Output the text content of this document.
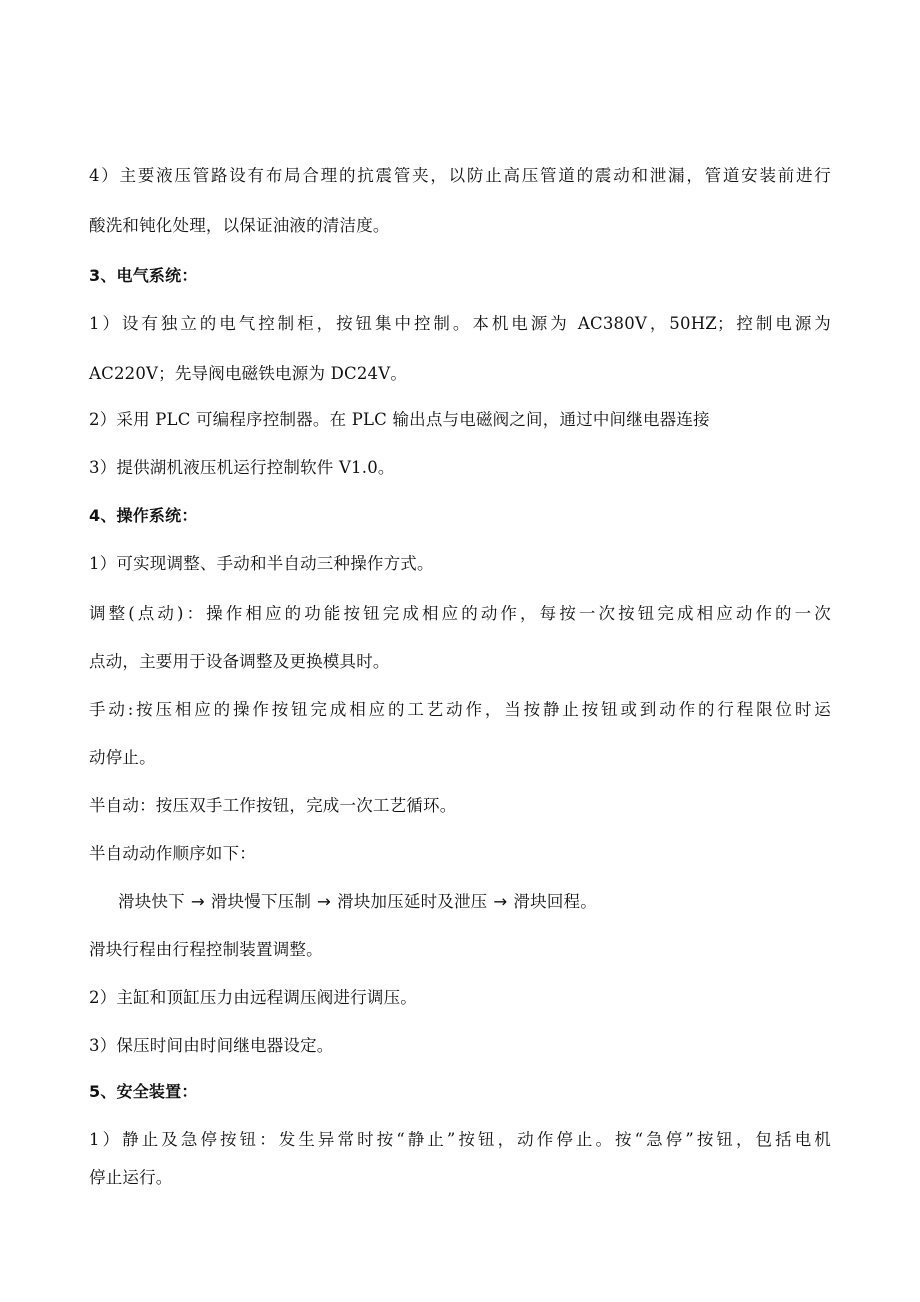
4）主要液压管路设有布局合理的抗震管夹，以防止高压管道的震动和泄漏，管道安装前进行
酸洗和钝化处理，以保证油液的清洁度。
3、电气系统：
1）设有独立的电气控制柜，按钮集中控制。本机电源为 AC380V，50HZ；控制电源为
AC220V；先导阀电磁铁电源为 DC24V。
2）采用 PLC 可编程序控制器。在 PLC 输出点与电磁阀之间，通过中间继电器连接
3）提供湖机液压机运行控制软件 V1.0。
4、操作系统：
1）可实现调整、手动和半自动三种操作方式。
调整(点动)：操作相应的功能按钮完成相应的动作，每按一次按钮完成相应动作的一次
点动，主要用于设备调整及更换模具时。
手动:按压相应的操作按钮完成相应的工艺动作，当按静止按钮或到动作的行程限位时运
动停止。
半自动：按压双手工作按钮，完成一次工艺循环。
半自动动作顺序如下：
滑块快下 → 滑块慢下压制 → 滑块加压延时及泄压 → 滑块回程。
滑块行程由行程控制装置调整。
2）主缸和顶缸压力由远程调压阀进行调压。
3）保压时间由时间继电器设定。
5、安全装置：
1）静止及急停按钮：发生异常时按“静止”按钮，动作停止。按“急停”按钮，包括电机
停止运行。
